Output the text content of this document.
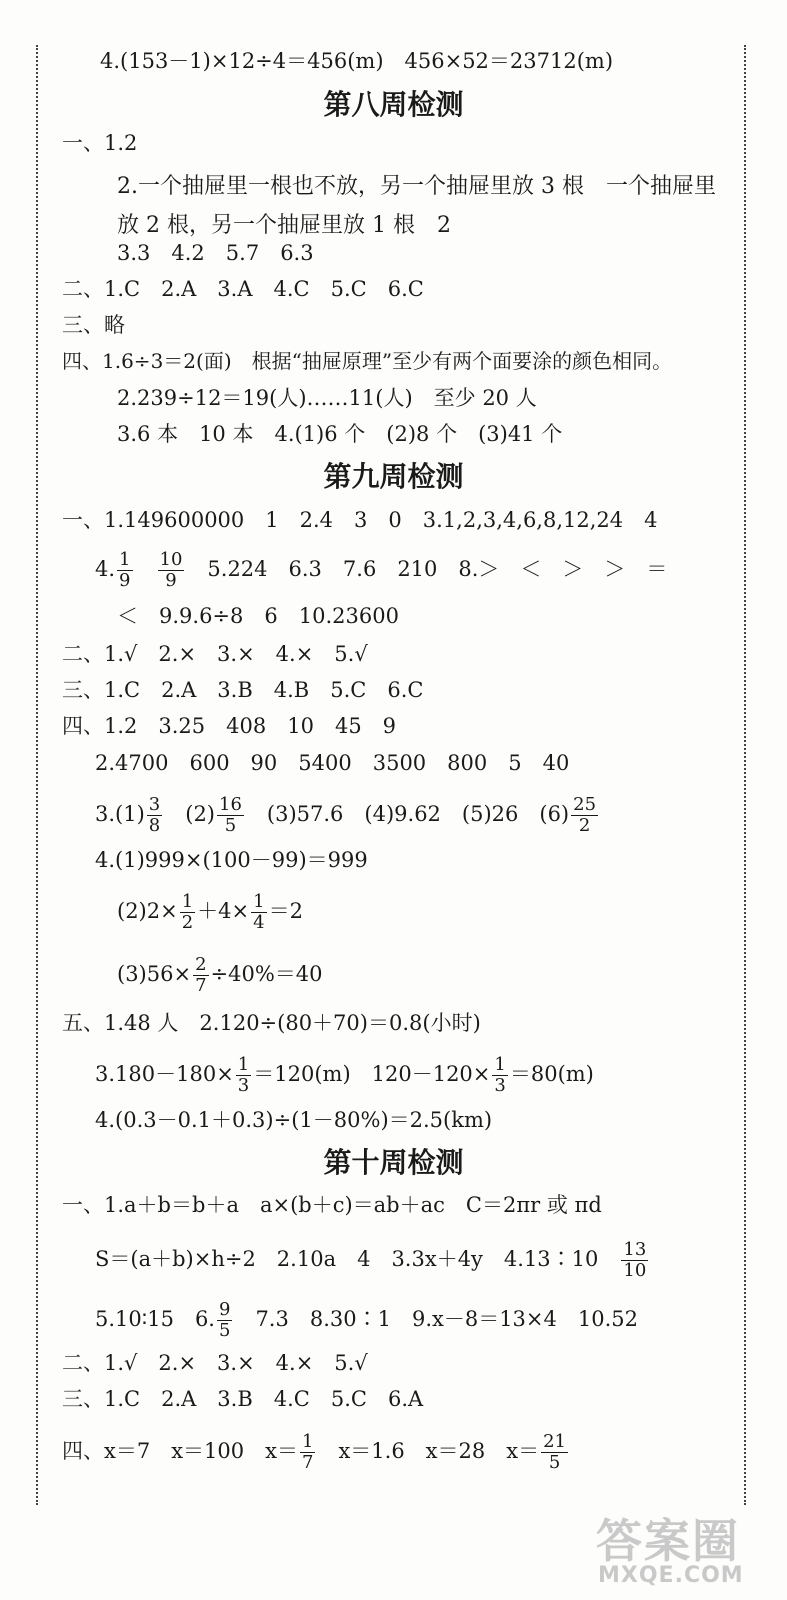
4.(153－1)×12÷4＝456(m)　456×52＝23712(m)
第八周检测
一、1.2
2.一个抽屉里一根也不放，另一个抽屉里放 3 根　一个抽屉里
放 2 根，另一个抽屉里放 1 根　2
3.3　4.2　5.7　6.3
二、1.C　2.A　3.A　4.C　5.C　6.C
三、略
四、1.6÷3＝2(面)　根据“抽屉原理”至少有两个面要涂的颜色相同。
2.239÷12＝19(人)……11(人)　至少 20 人
3.6 本　10 本　4.(1)6 个　(2)8 个　(3)41 个
第九周检测
一、1.149600000　1　2.4　3　0　3.1,2,3,4,6,8,12,24　4
4. $\frac{1}{9}$
　 $\frac{10}{9}$
　 5.224　6.3　7.6　210　8.＞　＜　＞　＞　＝
＜　9.9.6÷8　6　10.23600
二、1.√　2.×　3.×　4.×　5.√
三、1.C　2.A　3.B　4.B　5.C　6.C
四、1.2　3.25　408　10　45　9
2.4700　600　90　5400　3500　800　5　40
$3.(1) \frac{3}{8}$
　 $(2) \frac{16}{5}$
　 (3)57.6　(4)9.62　(5)26　$(6) \frac{25}{2}$
4.(1)999×(100－99)＝999
$(2)2\times \frac{1}{2} +4\times \frac{1}{4} =2$
$(3)56\times \frac{2}{7} \div 40\%=40$
五、1.48 人　2.120÷(80＋70)＝0.8(小时)
$3.180-180\times \frac{1}{3} =120(m)$　$120-120\times \frac{1}{3} =80(m)$
4.(0.3－0.1＋0.3)÷(1－80%)＝2.5(km)
第十周检测
一、1.a＋b＝b＋a　a×(b＋c)＝ab＋ac　C＝2πr 或 πd
S＝(a＋b)×h÷2　2.10a　4　3.3x＋4y　4.13∶10　 $\frac{13}{10}$
5.10∶15　6. $\frac{9}{5}$
　 7.3　8.30∶1　9.x－8＝13×4　10.52
二、1.√　2.×　3.×　4.×　5.√
三、1.C　2.A　3.B　4.C　5.C　6.A
四、x＝7　x＝100　$x= \frac{1}{7}$
　 x＝1.6　x＝28　$x= \frac{21}{5}$
答案圈
MXQE.COM
